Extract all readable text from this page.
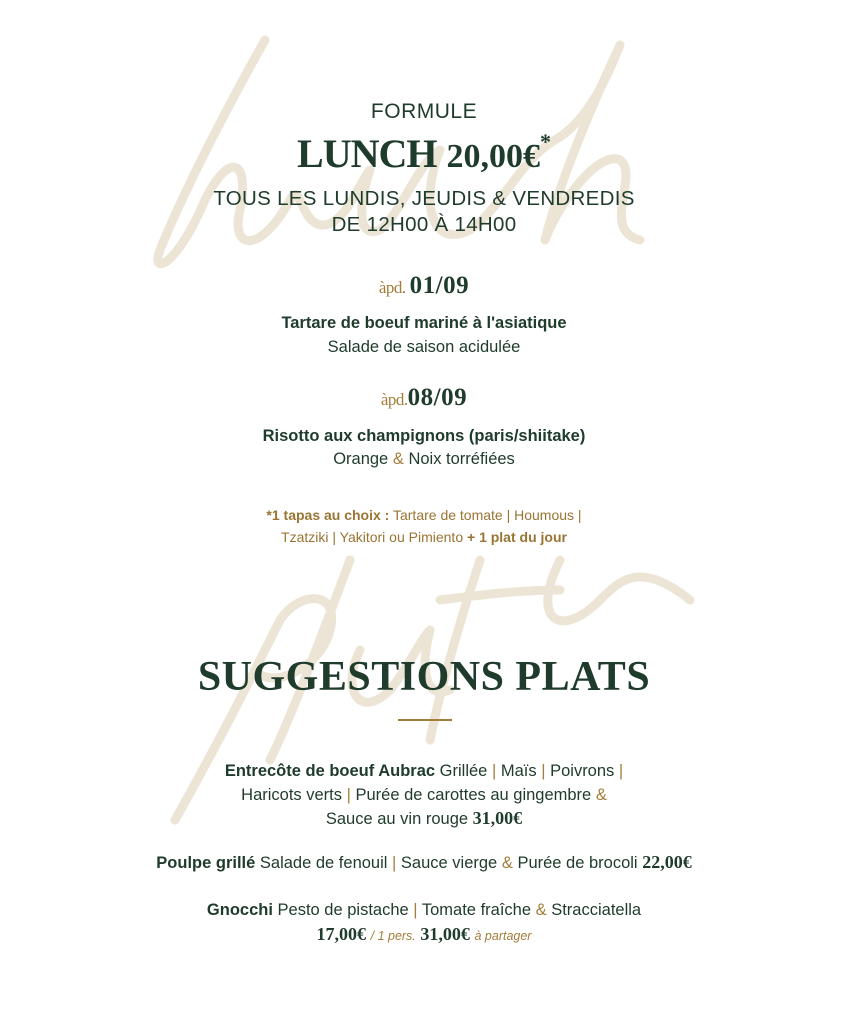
FORMULE
LUNCH 20,00€*
TOUS LES LUNDIS, JEUDIS & VENDREDIS
DE 12H00 À 14H00
àpd. 01/09
Tartare de boeuf mariné à l'asiatique
Salade de saison acidulée
àpd.08/09
Risotto aux champignons (paris/shiitake)
Orange & Noix torréfiées
*1 tapas au choix : Tartare de tomate | Houmous |
Tzatziki | Yakitori ou Pimiento + 1 plat du jour
SUGGESTIONS PLATS
Entrecôte de boeuf Aubrac Grillée | Maïs | Poivrons |
Haricots verts | Purée de carottes au gingembre &
Sauce au vin rouge 31,00€
Poulpe grillé Salade de fenouil | Sauce vierge & Purée de brocoli 22,00€
Gnocchi Pesto de pistache | Tomate fraîche & Stracciatella
17,00€ / 1 pers. 31,00€ à partager
